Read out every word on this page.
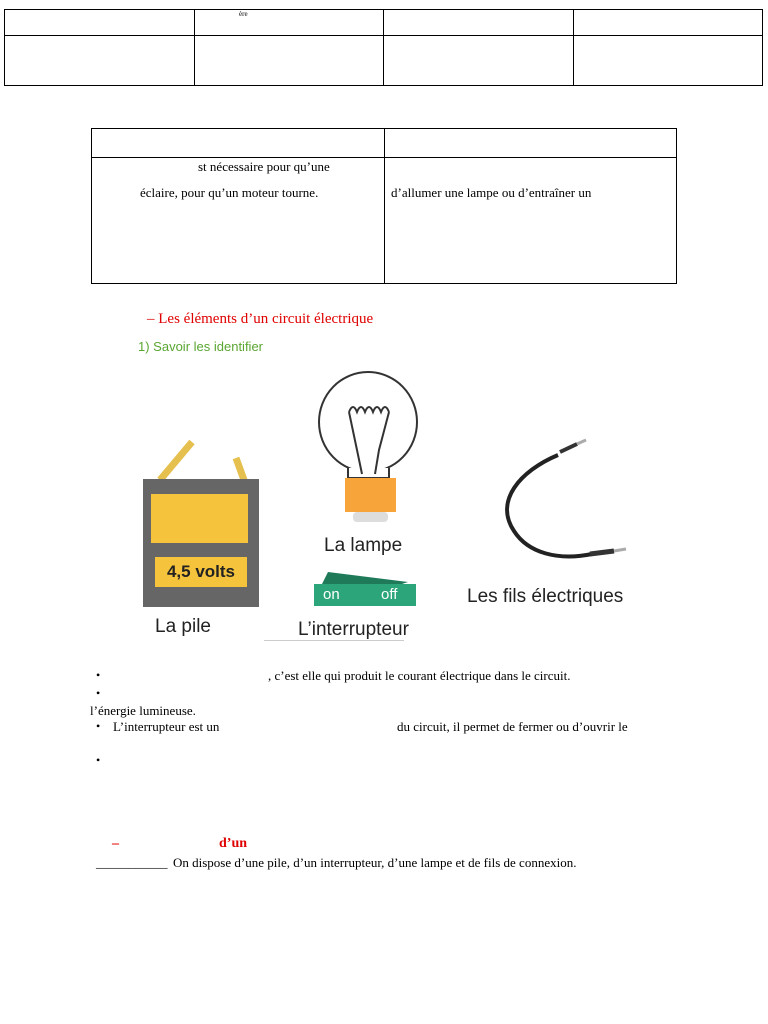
ère

st nécessaire pour qu’une
éclaire, pour qu’un moteur tourne.	d’allumer une lampe ou d’entraîner un
– Les éléments d’un circuit électrique
1) Savoir les identifier
4,5 volts
La pile
La lampe
on	off
L’interrupteur
Les fils électriques
•	, c’est elle qui produit le courant électrique dans le circuit.
•
l’énergie lumineuse.
• L’interrupteur est un	du circuit, il permet de fermer ou d’ouvrir le
•
–	d’un
___________ On dispose d’une pile, d’un interrupteur, d’une lampe et de fils de connexion.
